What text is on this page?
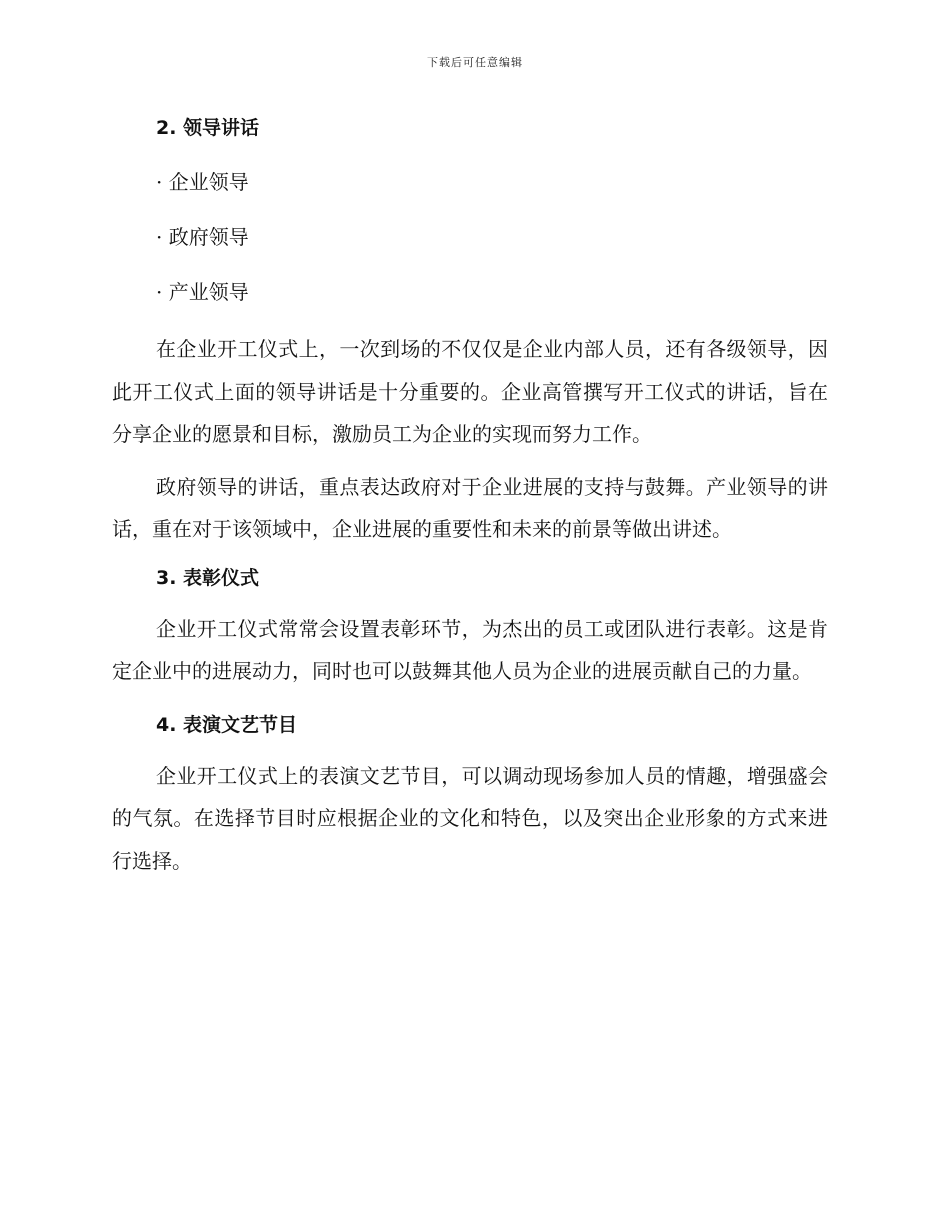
下载后可任意编辑
2. 领导讲话
· 企业领导
· 政府领导
· 产业领导

在企业开工仪式上，一次到场的不仅仅是企业内部人员，还有各级领导，因此开工仪式上面的领导讲话是十分重要的。企业高管撰写开工仪式的讲话，旨在分享企业的愿景和目标，激励员工为企业的实现而努力工作。

政府领导的讲话，重点表达政府对于企业进展的支持与鼓舞。产业领导的讲话，重在对于该领域中，企业进展的重要性和未来的前景等做出讲述。

3. 表彰仪式

企业开工仪式常常会设置表彰环节，为杰出的员工或团队进行表彰。这是肯定企业中的进展动力，同时也可以鼓舞其他人员为企业的进展贡献自己的力量。

4. 表演文艺节目

企业开工仪式上的表演文艺节目，可以调动现场参加人员的情趣，增强盛会的气氛。在选择节目时应根据企业的文化和特色，以及突出企业形象的方式来进行选择。
